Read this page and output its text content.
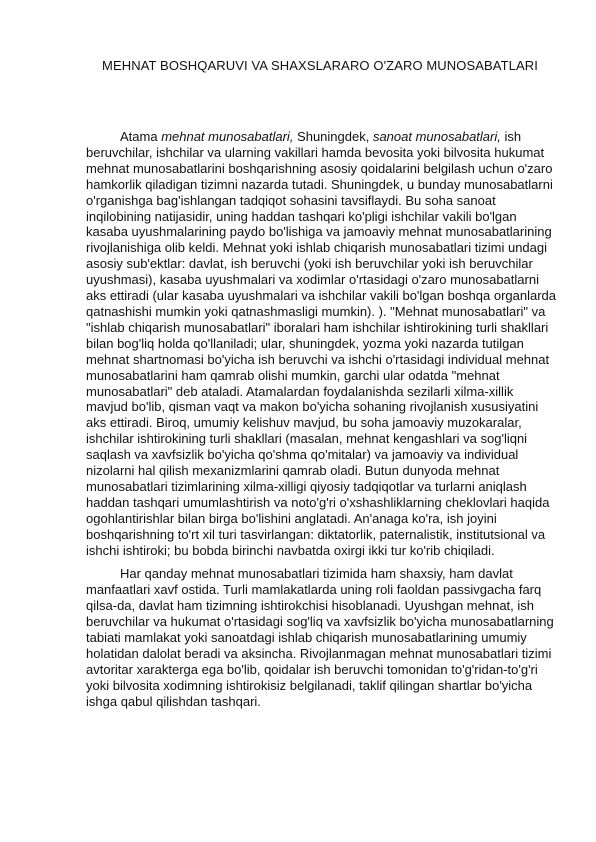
MEHNAT BOSHQARUVI VA SHAXSLARARO O'ZARO MUNOSABATLARI

Atama mehnat munosabatlari, Shuningdek, sanoat munosabatlari, ish beruvchilar, ishchilar va ularning vakillari hamda bevosita yoki bilvosita hukumat mehnat munosabatlarini boshqarishning asosiy qoidalarini belgilash uchun o'zaro hamkorlik qiladigan tizimni nazarda tutadi. Shuningdek, u bunday munosabatlarni o'rganishga bag'ishlangan tadqiqot sohasini tavsiflaydi. Bu soha sanoat inqilobining natijasidir, uning haddan tashqari ko'pligi ishchilar vakili bo'lgan kasaba uyushmalarining paydo bo'lishiga va jamoaviy mehnat munosabatlarining rivojlanishiga olib keldi. Mehnat yoki ishlab chiqarish munosabatlari tizimi undagi asosiy sub'ektlar: davlat, ish beruvchi (yoki ish beruvchilar yoki ish beruvchilar uyushmasi), kasaba uyushmalari va xodimlar o'rtasidagi o'zaro munosabatlarni aks ettiradi (ular kasaba uyushmalari va ishchilar vakili bo'lgan boshqa organlarda qatnashishi mumkin yoki qatnashmasligi mumkin). ). "Mehnat munosabatlari" va "ishlab chiqarish munosabatlari" iboralari ham ishchilar ishtirokining turli shakllari bilan bog'liq holda qo'llaniladi; ular, shuningdek, yozma yoki nazarda tutilgan mehnat shartnomasi bo'yicha ish beruvchi va ishchi o'rtasidagi individual mehnat munosabatlarini ham qamrab olishi mumkin, garchi ular odatda "mehnat munosabatlari" deb ataladi. Atamalardan foydalanishda sezilarli xilma-xillik mavjud bo'lib, qisman vaqt va makon bo'yicha sohaning rivojlanish xususiyatini aks ettiradi. Biroq, umumiy kelishuv mavjud, bu soha jamoaviy muzokaralar, ishchilar ishtirokining turli shakllari (masalan, mehnat kengashlari va sog'liqni saqlash va xavfsizlik bo'yicha qo'shma qo'mitalar) va jamoaviy va individual nizolarni hal qilish mexanizmlarini qamrab oladi. Butun dunyoda mehnat munosabatlari tizimlarining xilma-xilligi qiyosiy tadqiqotlar va turlarni aniqlash haddan tashqari umumlashtirish va noto'g'ri o'xshashliklarning cheklovlari haqida ogohlantirishlar bilan birga bo'lishini anglatadi. An'anaga ko'ra, ish joyini boshqarishning to'rt xil turi tasvirlangan: diktatorlik, paternalistik, institutsional va ishchi ishtiroki; bu bobda birinchi navbatda oxirgi ikki tur ko'rib chiqiladi.

Har qanday mehnat munosabatlari tizimida ham shaxsiy, ham davlat manfaatlari xavf ostida. Turli mamlakatlarda uning roli faoldan passivgacha farq qilsa-da, davlat ham tizimning ishtirokchisi hisoblanadi. Uyushgan mehnat, ish beruvchilar va hukumat o'rtasidagi sog'liq va xavfsizlik bo'yicha munosabatlarning tabiati mamlakat yoki sanoatdagi ishlab chiqarish munosabatlarining umumiy holatidan dalolat beradi va aksincha. Rivojlanmagan mehnat munosabatlari tizimi avtoritar xarakterga ega bo'lib, qoidalar ish beruvchi tomonidan to'g'ridan-to'g'ri yoki bilvosita xodimning ishtirokisiz belgilanadi, taklif qilingan shartlar bo'yicha ishga qabul qilishdan tashqari.
